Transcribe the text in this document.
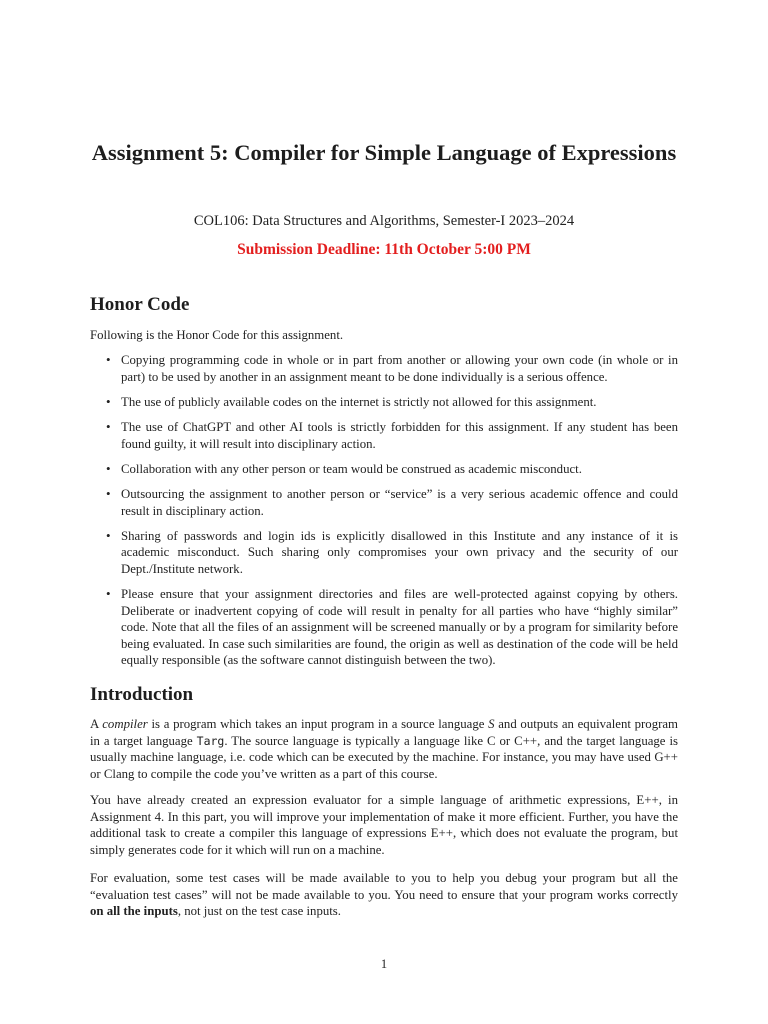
Assignment 5: Compiler for Simple Language of Expressions
COL106: Data Structures and Algorithms, Semester-I 2023–2024
Submission Deadline: 11th October 5:00 PM
Honor Code

Following is the Honor Code for this assignment.

• Copying programming code in whole or in part from another or allowing your own code (in whole or in part) to be used by another in an assignment meant to be done individually is a serious offence.
• The use of publicly available codes on the internet is strictly not allowed for this assignment.
• The use of ChatGPT and other AI tools is strictly forbidden for this assignment. If any student has been found guilty, it will result into disciplinary action.
• Collaboration with any other person or team would be construed as academic misconduct.
• Outsourcing the assignment to another person or “service” is a very serious academic offence and could result in disciplinary action.
• Sharing of passwords and login ids is explicitly disallowed in this Institute and any instance of it is academic misconduct. Such sharing only compromises your own privacy and the security of our Dept./Institute network.
• Please ensure that your assignment directories and files are well-protected against copying by others. Deliberate or inadvertent copying of code will result in penalty for all parties who have “highly similar” code. Note that all the files of an assignment will be screened manually or by a program for similarity before being evaluated. In case such similarities are found, the origin as well as destination of the code will be held equally responsible (as the software cannot distinguish between the two).
Introduction

A compiler is a program which takes an input program in a source language S and outputs an equivalent program in a target language Targ. The source language is typically a language like C or C++, and the target language is usually machine language, i.e. code which can be executed by the machine. For instance, you may have used G++ or Clang to compile the code you’ve written as a part of this course.

You have already created an expression evaluator for a simple language of arithmetic expressions, E++, in Assignment 4. In this part, you will improve your implementation of make it more efficient. Further, you have the additional task to create a compiler this language of expressions E++, which does not evaluate the program, but simply generates code for it which will run on a machine.

For evaluation, some test cases will be made available to you to help you debug your program but all the “evaluation test cases” will not be made available to you. You need to ensure that your program works correctly on all the inputs, not just on the test case inputs.

1
